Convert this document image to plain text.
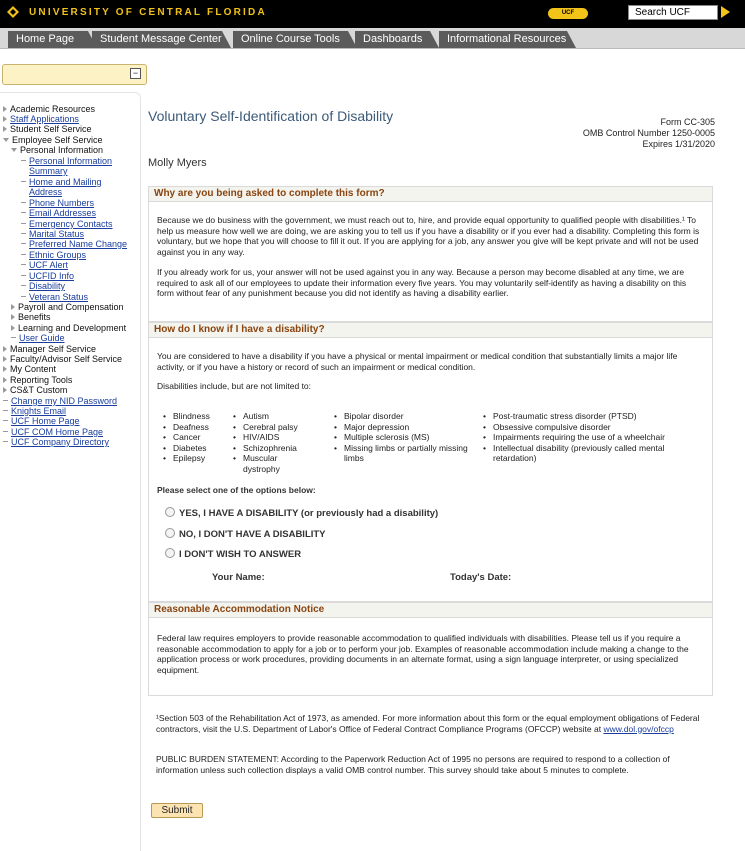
UNIVERSITY OF CENTRAL FLORIDA	UCF	Search UCF
Home Page	Student Message Center	Online Course Tools	Dashboards	Informational Resources
−
Academic Resources
Staff Applications
Student Self Service
Employee Self Service
Personal Information
Personal Information Summary
Home and Mailing Address
Phone Numbers
Email Addresses
Emergency Contacts
Marital Status
Preferred Name Change
Ethnic Groups
UCF Alert
UCFID Info
Disability
Veteran Status
Payroll and Compensation
Benefits
Learning and Development
User Guide
Manager Self Service
Faculty/Advisor Self Service
My Content
Reporting Tools
CS&T Custom
Change my NID Password
Knights Email
UCF Home Page
UCF COM Home Page
UCF Company Directory
Voluntary Self-Identification of Disability	Form CC-305
OMB Control Number 1250-0005
Expires 1/31/2020
Molly Myers
Why are you being asked to complete this form?
Because we do business with the government, we must reach out to, hire, and provide equal opportunity to qualified people with disabilities.¹ To help us measure how well we are doing, we are asking you to tell us if you have a disability or if you ever had a disability. Completing this form is voluntary, but we hope that you will choose to fill it out. If you are applying for a job, any answer you give will be kept private and will not be used against you in any way.
If you already work for us, your answer will not be used against you in any way. Because a person may become disabled at any time, we are required to ask all of our employees to update their information every five years. You may voluntarily self-identify as having a disability on this form without fear of any punishment because you did not identify as having a disability earlier.
How do I know if I have a disability?
You are considered to have a disability if you have a physical or mental impairment or medical condition that substantially limits a major life activity, or if you have a history or record of such an impairment or medical condition.
Disabilities include, but are not limited to:
• Blindness
• Deafness
• Cancer
• Diabetes
• Epilepsy
• Autism
• Cerebral palsy
• HIV/AIDS
• Schizophrenia
• Muscular dystrophy
• Bipolar disorder
• Major depression
• Multiple sclerosis (MS)
• Missing limbs or partially missing limbs
• Post-traumatic stress disorder (PTSD)
• Obsessive compulsive disorder
• Impairments requiring the use of a wheelchair
• Intellectual disability (previously called mental retardation)
Please select one of the options below:
YES, I HAVE A DISABILITY (or previously had a disability)
NO, I DON'T HAVE A DISABILITY
I DON'T WISH TO ANSWER
Your Name:	Today's Date:
Reasonable Accommodation Notice
Federal law requires employers to provide reasonable accommodation to qualified individuals with disabilities. Please tell us if you require a reasonable accommodation to apply for a job or to perform your job. Examples of reasonable accommodation include making a change to the application process or work procedures, providing documents in an alternate format, using a sign language interpreter, or using specialized equipment.
¹Section 503 of the Rehabilitation Act of 1973, as amended. For more information about this form or the equal employment obligations of Federal contractors, visit the U.S. Department of Labor's Office of Federal Contract Compliance Programs (OFCCP) website at www.dol.gov/ofccp
PUBLIC BURDEN STATEMENT: According to the Paperwork Reduction Act of 1995 no persons are required to respond to a collection of information unless such collection displays a valid OMB control number. This survey should take about 5 minutes to complete.
Submit
